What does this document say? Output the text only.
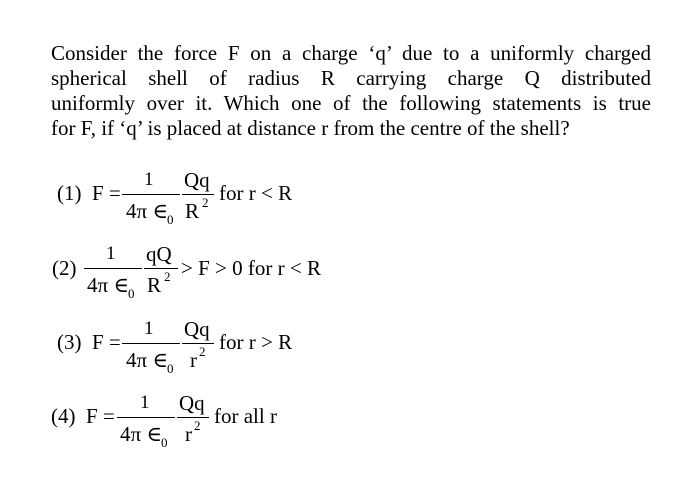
Consider the force F on a charge ‘q’ due to a uniformly charged
spherical shell of radius R carrying charge Q distributed
uniformly over it. Which one of the following statements is true
for F, if ‘q’ is placed at distance r from the centre of the shell?
(1) F =
1
4π ∈ 0
Qq
R 2 for r < R
(2)
1
4π ∈ 0
qQ
R 2 > F > 0 for r < R
(3) F =
1
4π ∈ 0
Qq
r 2 for r > R
(4) F =
1
4π ∈ 0
Qq
r 2 for all r
